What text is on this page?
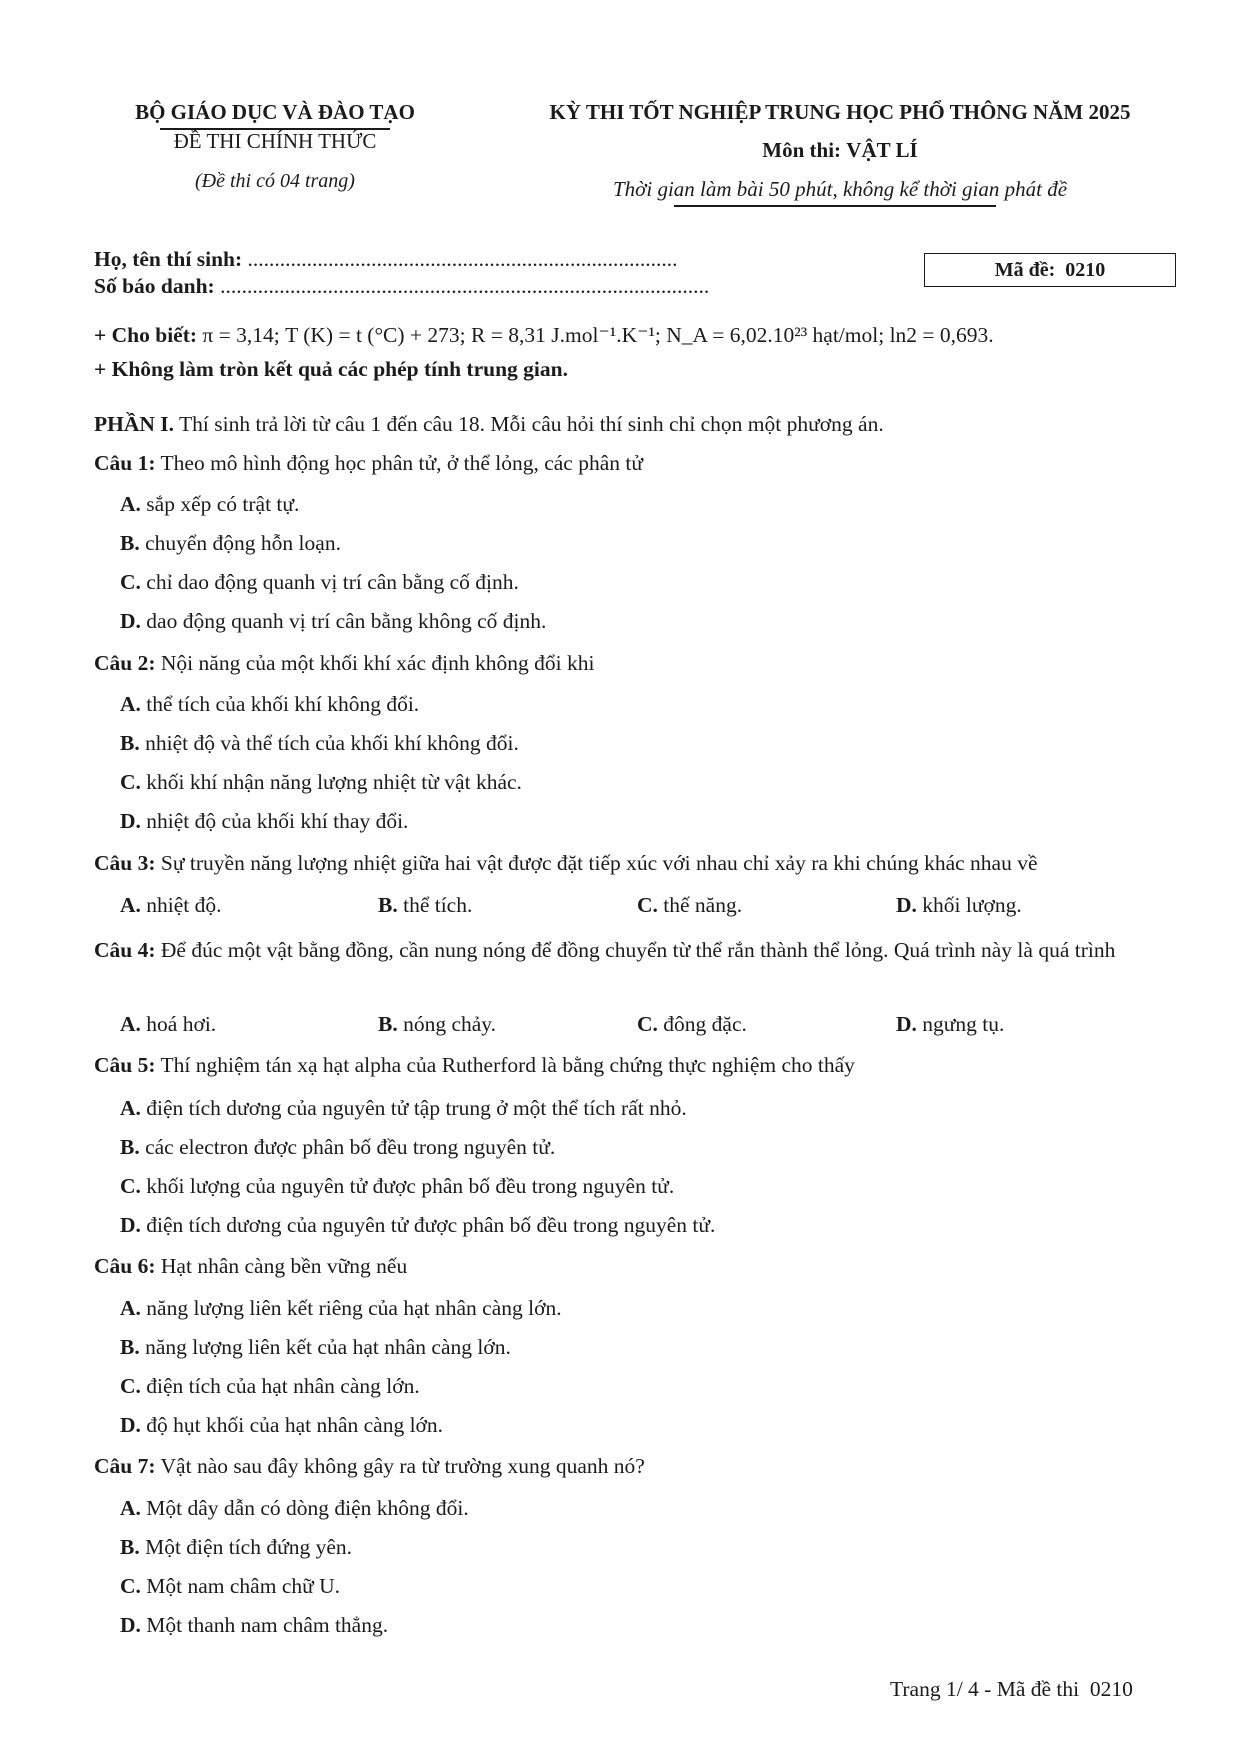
BỘ GIÁO DỤC VÀ ĐÀO TẠO
ĐỀ THI CHÍNH THỨC
(Đề thi có 04 trang)
KỲ THI TỐT NGHIỆP TRUNG HỌC PHỔ THÔNG NĂM 2025
Môn thi: VẬT LÍ
Thời gian làm bài 50 phút, không kể thời gian phát đề
Họ, tên thí sinh: ................................................................................
Số báo danh: ...........................................................................................
Mã đề: 0210
+ Cho biết: π = 3,14; T (K) = t (°C) + 273; R = 8,31 J.mol⁻¹.K⁻¹; N_A = 6,02.10²³ hạt/mol; ln2 = 0,693.
+ Không làm tròn kết quả các phép tính trung gian.
PHẦN I. Thí sinh trả lời từ câu 1 đến câu 18. Mỗi câu hỏi thí sinh chỉ chọn một phương án.
Câu 1: Theo mô hình động học phân tử, ở thể lỏng, các phân tử
A. sắp xếp có trật tự.
B. chuyển động hỗn loạn.
C. chỉ dao động quanh vị trí cân bằng cố định.
D. dao động quanh vị trí cân bằng không cố định.
Câu 2: Nội năng của một khối khí xác định không đổi khi
A. thể tích của khối khí không đổi.
B. nhiệt độ và thể tích của khối khí không đổi.
C. khối khí nhận năng lượng nhiệt từ vật khác.
D. nhiệt độ của khối khí thay đổi.
Câu 3: Sự truyền năng lượng nhiệt giữa hai vật được đặt tiếp xúc với nhau chỉ xảy ra khi chúng khác nhau về
A. nhiệt độ.	B. thể tích.	C. thế năng.	D. khối lượng.
Câu 4: Để đúc một vật bằng đồng, cần nung nóng để đồng chuyển từ thể rắn thành thể lỏng. Quá trình này là quá trình
A. hoá hơi.	B. nóng chảy.	C. đông đặc.	D. ngưng tụ.
Câu 5: Thí nghiệm tán xạ hạt alpha của Rutherford là bằng chứng thực nghiệm cho thấy
A. điện tích dương của nguyên tử tập trung ở một thể tích rất nhỏ.
B. các electron được phân bố đều trong nguyên tử.
C. khối lượng của nguyên tử được phân bố đều trong nguyên tử.
D. điện tích dương của nguyên tử được phân bố đều trong nguyên tử.
Câu 6: Hạt nhân càng bền vững nếu
A. năng lượng liên kết riêng của hạt nhân càng lớn.
B. năng lượng liên kết của hạt nhân càng lớn.
C. điện tích của hạt nhân càng lớn.
D. độ hụt khối của hạt nhân càng lớn.
Câu 7: Vật nào sau đây không gây ra từ trường xung quanh nó?
A. Một dây dẫn có dòng điện không đổi.
B. Một điện tích đứng yên.
C. Một nam châm chữ U.
D. Một thanh nam châm thẳng.
Trang 1/ 4 - Mã đề thi  0210
